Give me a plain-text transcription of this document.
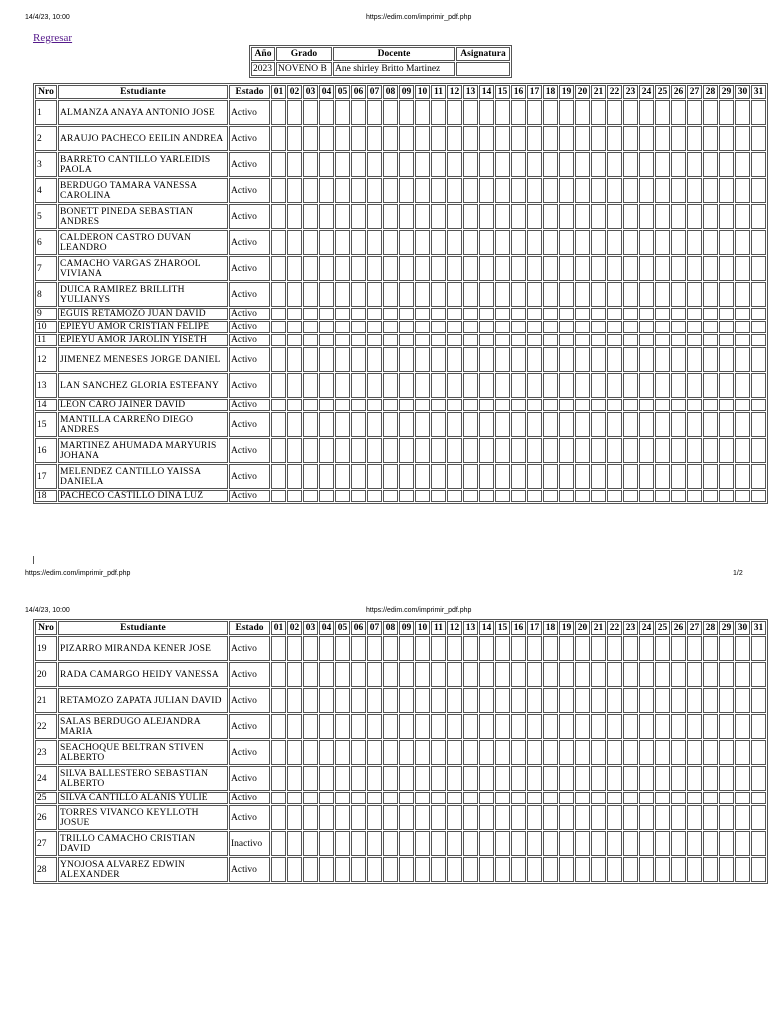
14/4/23, 10:00	https://edim.com/imprimir_pdf.php
Regresar
Año	Grado	Docente	Asignatura
2023	NOVENO B	Ane shirley Britto Martinez	
Nro	Estudiante	Estado	01	02	03	04	05	06	07	08	09	10	11	12	13	14	15	16	17	18	19	20	21	22	23	24	25	26	27	28	29	30	31
1	ALMANZA ANAYA ANTONIO JOSE	Activo																															
2	ARAUJO PACHECO EEILIN ANDREA	Activo																															
3	BARRETO CANTILLO YARLEIDIS PAOLA	Activo																															
4	BERDUGO TAMARA VANESSA CAROLINA	Activo																															
5	BONETT PINEDA SEBASTIAN ANDRES	Activo																															
6	CALDERON CASTRO DUVAN LEANDRO	Activo																															
7	CAMACHO VARGAS ZHAROOL VIVIANA	Activo																															
8	DUICA RAMIREZ BRILLITH YULIANYS	Activo																															
9	EGUIS RETAMOZO JUAN DAVID	Activo																															
10	EPIEYU AMOR CRISTIAN FELIPE	Activo																															
11	EPIEYU AMOR JAROLIN YISETH	Activo																															
12	JIMENEZ MENESES JORGE DANIEL	Activo																															
13	LAN SANCHEZ GLORIA ESTEFANY	Activo																															
14	LEON CARO JAINER DAVID	Activo																															
15	MANTILLA CARREÑO DIEGO ANDRES	Activo																															
16	MARTINEZ AHUMADA MARYURIS JOHANA	Activo																															
17	MELENDEZ CANTILLO YAISSA DANIELA	Activo																															
18	PACHECO CASTILLO DINA LUZ	Activo																															
https://edim.com/imprimir_pdf.php	1/2
14/4/23, 10:00	https://edim.com/imprimir_pdf.php
Nro	Estudiante	Estado	01	02	03	04	05	06	07	08	09	10	11	12	13	14	15	16	17	18	19	20	21	22	23	24	25	26	27	28	29	30	31
19	PIZARRO MIRANDA KENER JOSE	Activo																															
20	RADA CAMARGO HEIDY VANESSA	Activo																															
21	RETAMOZO ZAPATA JULIAN DAVID	Activo																															
22	SALAS BERDUGO ALEJANDRA MARIA	Activo																															
23	SEACHOQUE BELTRAN STIVEN ALBERTO	Activo																															
24	SILVA BALLESTERO SEBASTIAN ALBERTO	Activo																															
25	SILVA CANTILLO ALANIS YULIE	Activo																															
26	TORRES VIVANCO KEYLLOTH JOSUE	Activo																															
27	TRILLO CAMACHO CRISTIAN DAVID	Inactivo																															
28	YNOJOSA ALVAREZ EDWIN ALEXANDER	Activo																															
